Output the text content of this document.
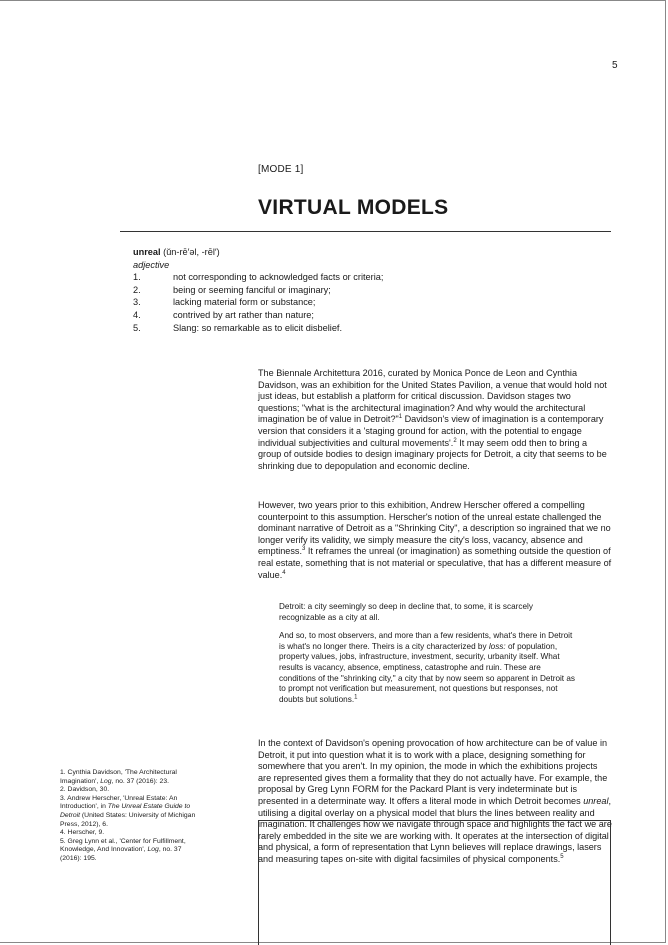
5
[MODE 1]
VIRTUAL MODELS
unreal (ŭn-rē′əl, -rēl′)
adjective
1.	not corresponding to acknowledged facts or criteria;
2.	being or seeming fanciful or imaginary;
3.	lacking material form or substance;
4.	contrived by art rather than nature;
5.	Slang: so remarkable as to elicit disbelief.

The Biennale Architettura 2016, curated by Monica Ponce de Leon and Cynthia Davidson, was an exhibition for the United States Pavilion, a venue that would hold not just ideas, but establish a platform for critical discussion. Davidson stages two questions; "what is the architectural imagination? And why would the architectural imagination be of value in Detroit?"$^1$ Davidson's view of imagination is a contemporary version that considers it a 'staging ground for action, with the potential to engage individual subjectivities and cultural movements'.$^2$ It may seem odd then to bring a group of outside bodies to design imaginary projects for Detroit, a city that seems to be shrinking due to depopulation and economic decline.

However, two years prior to this exhibition, Andrew Herscher offered a compelling counterpoint to this assumption. Herscher's notion of the unreal estate challenged the dominant narrative of Detroit as a "Shrinking City", a description so ingrained that we no longer verify its validity, we simply measure the city's loss, vacancy, absence and emptiness.$^3$ It reframes the unreal (or imagination) as something outside the question of real estate, something that is not material or speculative, that has a different measure of value.$^4$

Detroit: a city seemingly so deep in decline that, to some, it is scarcely recognizable as a city at all.

And so, to most observers, and more than a few residents, what's there in Detroit is what's no longer there. Theirs is a city characterized by loss: of population, property values, jobs, infrastructure, investment, security, urbanity itself. What results is vacancy, absence, emptiness, catastrophe and ruin. These are conditions of the "shrinking city," a city that by now seem so apparent in Detroit as to prompt not verification but measurement, not questions but responses, not doubts but solutions.$^1$

In the context of Davidson's opening provocation of how architecture can be of value in Detroit, it put into question what it is to work with a place, designing something for somewhere that you aren't. In my opinion, the mode in which the exhibitions projects are represented gives them a formality that they do not actually have. For example, the proposal by Greg Lynn FORM for the Packard Plant is very indeterminate but is presented in a determinate way. It offers a literal mode in which Detroit becomes unreal, utilising a digital overlay on a physical model that blurs the lines between reality and imagination. It challenges how we navigate through space and highlights the fact we are rarely embedded in the site we are working with. It operates at the intersection of digital and physical, a form of representation that Lynn believes will replace drawings, lasers and measuring tapes on-site with digital facsimiles of physical components.$^5$

1. Cynthia Davidson, 'The Architectural Imagination', Log, no. 37 (2016): 23.
2. Davidson, 30.
3. Andrew Herscher, 'Unreal Estate: An Introduction', in The Unreal Estate Guide to Detroit (United States: University of Michigan Press, 2012), 6.
4. Herscher, 9.
5. Greg Lynn et al., 'Center for Fulfillment, Knowledge, And Innovation', Log, no. 37 (2016): 195.
